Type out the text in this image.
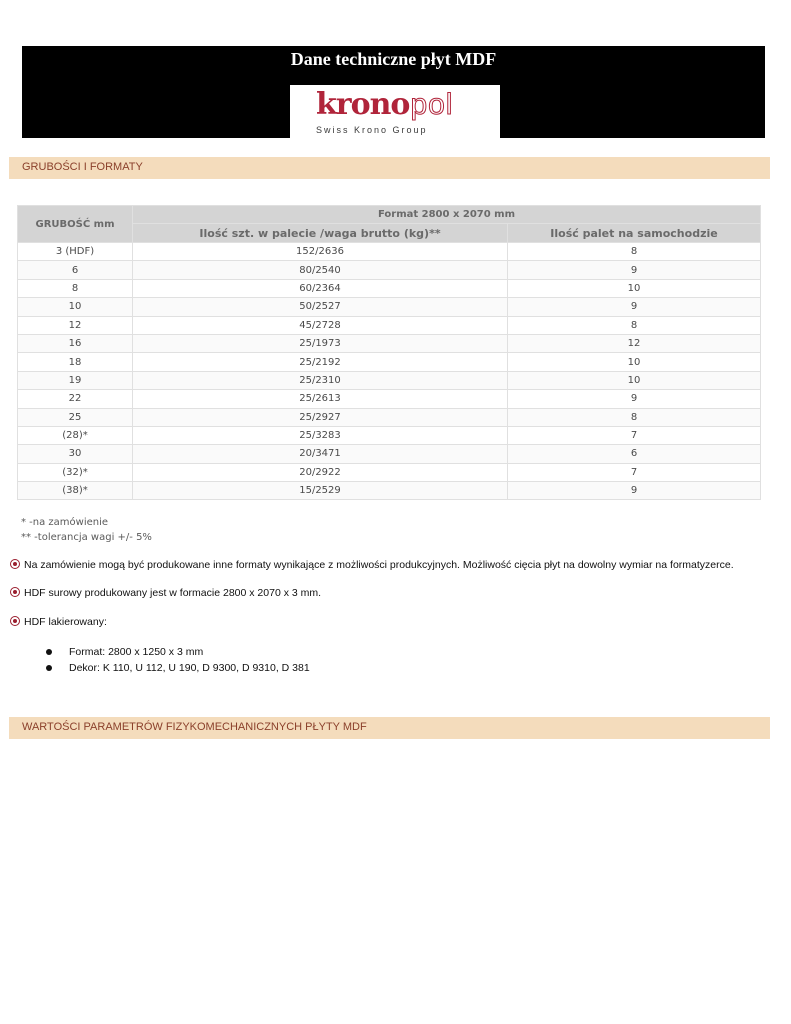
Dane techniczne płyt MDF
krono pol
Swiss Krono Group
GRUBOŚCI I FORMATY
GRUBOŚĆ mm	Format 2800 x 2070 mm	
	Ilość szt. w palecie /waga brutto (kg)**	Ilość palet na samochodzie
3 (HDF)	152/2636	8
6	80/2540	9
8	60/2364	10
10	50/2527	9
12	45/2728	8
16	25/1973	12
18	25/2192	10
19	25/2310	10
22	25/2613	9
25	25/2927	8
(28)*	25/3283	7
30	20/3471	6
(32)*	20/2922	7
(38)*	15/2529	9
* -na zamówienie
** -tolerancja wagi +/- 5%
Na zamówienie mogą być produkowane inne formaty wynikające z możliwości produkcyjnych. Możliwość cięcia płyt na dowolny wymiar na formatyzerce.
HDF surowy produkowany jest w formacie 2800 x 2070 x 3 mm.
HDF lakierowany:
Format: 2800 x 1250 x 3 mm
Dekor: K 110, U 112, U 190, D 9300, D 9310, D 381
WARTOŚCI PARAMETRÓW FIZYKOMECHANICZNYCH PŁYTY MDF
